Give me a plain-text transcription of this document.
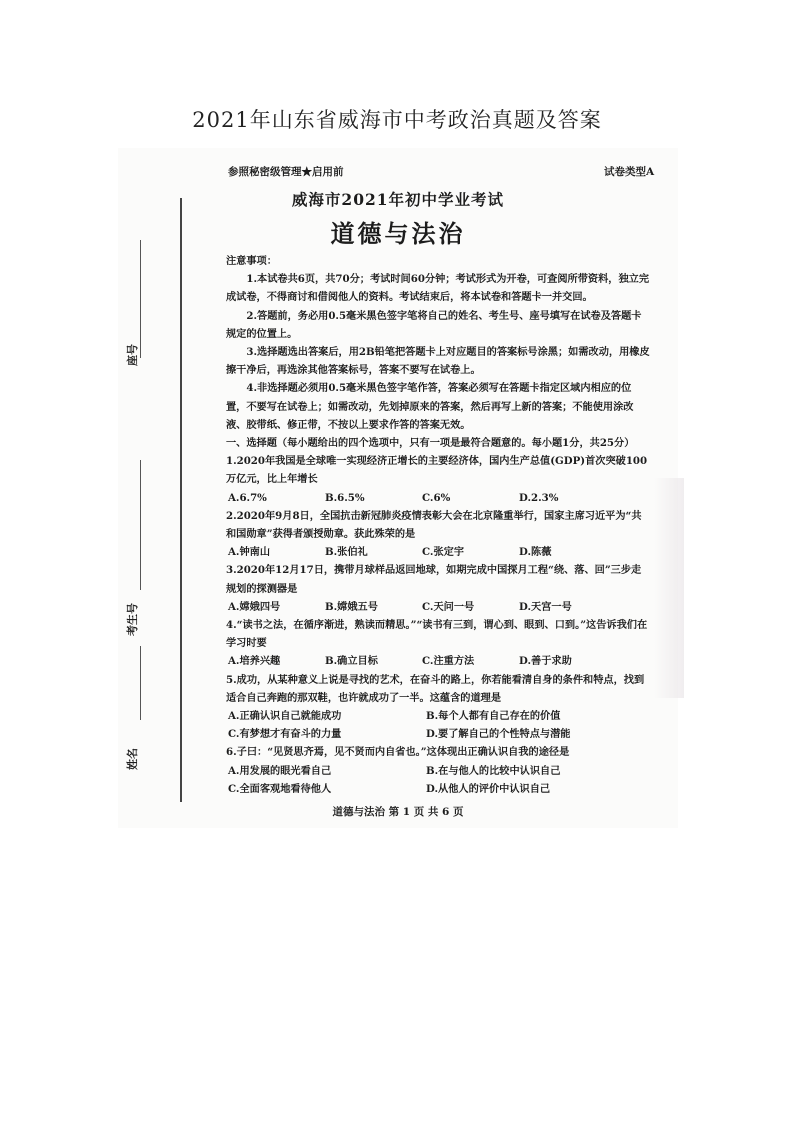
2021年山东省威海市中考政治真题及答案
参照秘密级管理★启用前	试卷类型A
座号
考生号
姓名
威海市2021年初中学业考试
道德与法治

注意事项：

1.本试卷共6页，共70分；考试时间60分钟；考试形式为开卷，可查阅所带资料，独立完成试卷，不得商讨和借阅他人的资料。考试结束后，将本试卷和答题卡一并交回。

2.答题前，务必用0.5毫米黑色签字笔将自己的姓名、考生号、座号填写在试卷及答题卡规定的位置上。

3.选择题选出答案后，用2B铅笔把答题卡上对应题目的答案标号涂黑；如需改动，用橡皮擦干净后，再选涂其他答案标号，答案不要写在试卷上。

4.非选择题必须用0.5毫米黑色签字笔作答，答案必须写在答题卡指定区域内相应的位置，不要写在试卷上；如需改动，先划掉原来的答案，然后再写上新的答案；不能使用涂改液、胶带纸、修正带，不按以上要求作答的答案无效。

一、选择题（每小题给出的四个选项中，只有一项是最符合题意的。每小题1分，共25分）

1.2020年我国是全球唯一实现经济正增长的主要经济体，国内生产总值(GDP)首次突破100万亿元，比上年增长

A.6.7%	B.6.5%	C.6%	D.2.3%

2.2020年9月8日，全国抗击新冠肺炎疫情表彰大会在北京隆重举行，国家主席习近平为“共和国勋章”获得者颁授勋章。获此殊荣的是

A.钟南山	B.张伯礼	C.张定宇	D.陈薇

3.2020年12月17日，携带月球样品返回地球，如期完成中国探月工程“绕、落、回”三步走规划的探测器是

A.嫦娥四号	B.嫦娥五号	C.天问一号	D.天宫一号

4.“读书之法，在循序渐进，熟读而精思。”“读书有三到，谓心到、眼到、口到。”这告诉我们在学习时要

A.培养兴趣	B.确立目标	C.注重方法	D.善于求助

5.成功，从某种意义上说是寻找的艺术，在奋斗的路上，你若能看清自身的条件和特点，找到适合自己奔跑的那双鞋，也许就成功了一半。这蕴含的道理是

A.正确认识自己就能成功	B.每个人都有自己存在的价值
C.有梦想才有奋斗的力量	D.要了解自己的个性特点与潜能

6.子曰：“见贤思齐焉，见不贤而内自省也。”这体现出正确认识自我的途径是

A.用发展的眼光看自己	B.在与他人的比较中认识自己
C.全面客观地看待他人	D.从他人的评价中认识自己
道德与法治 第 1 页 共 6 页
